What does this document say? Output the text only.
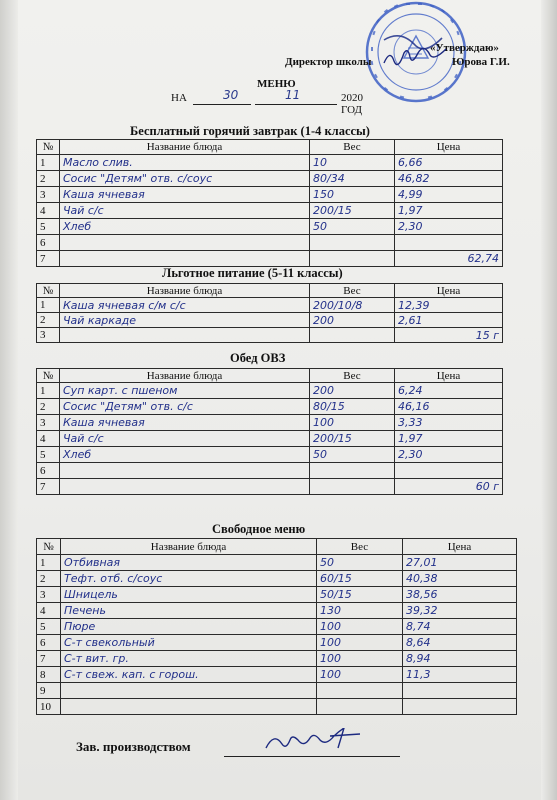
«Утверждаю»
Директор школы	Юрова Г.И.
МЕНЮ
НА	30	11	2020 ГОД
Бесплатный горячий завтрак (1-4 классы)
№	Название блюда	Вес	Цена
1	Масло слив.	10	6,66
2	Сосис "Детям" отв. с/соус	80/34	46,82
3	Каша ячневая	150	4,99
4	Чай с/с	200/15	1,97
5	Хлеб	50	2,30
6			
7			62,74
Льготное питание (5-11 классы)
№	Название блюда	Вес	Цена
1	Каша ячневая с/м с/с	200/10/8	12,39
2	Чай каркаде	200	2,61
3			15 г
Обед ОВЗ
№	Название блюда	Вес	Цена
1	Суп карт. с пшеном	200	6,24
2	Сосис "Детям" отв. с/с	80/15	46,16
3	Каша ячневая	100	3,33
4	Чай с/с	200/15	1,97
5	Хлеб	50	2,30
6			
7			60 г
Свободное меню
№	Название блюда	Вес	Цена
1	Отбивная	50	27,01
2	Тефт. отб. с/соус	60/15	40,38
3	Шницель	50/15	38,56
4	Печень	130	39,32
5	Пюре	100	8,74
6	С-т свекольный	100	8,64
7	С-т вит. гр.	100	8,94
8	С-т свеж. кап. с горош.	100	11,3
9			
10			
Зав. производством
